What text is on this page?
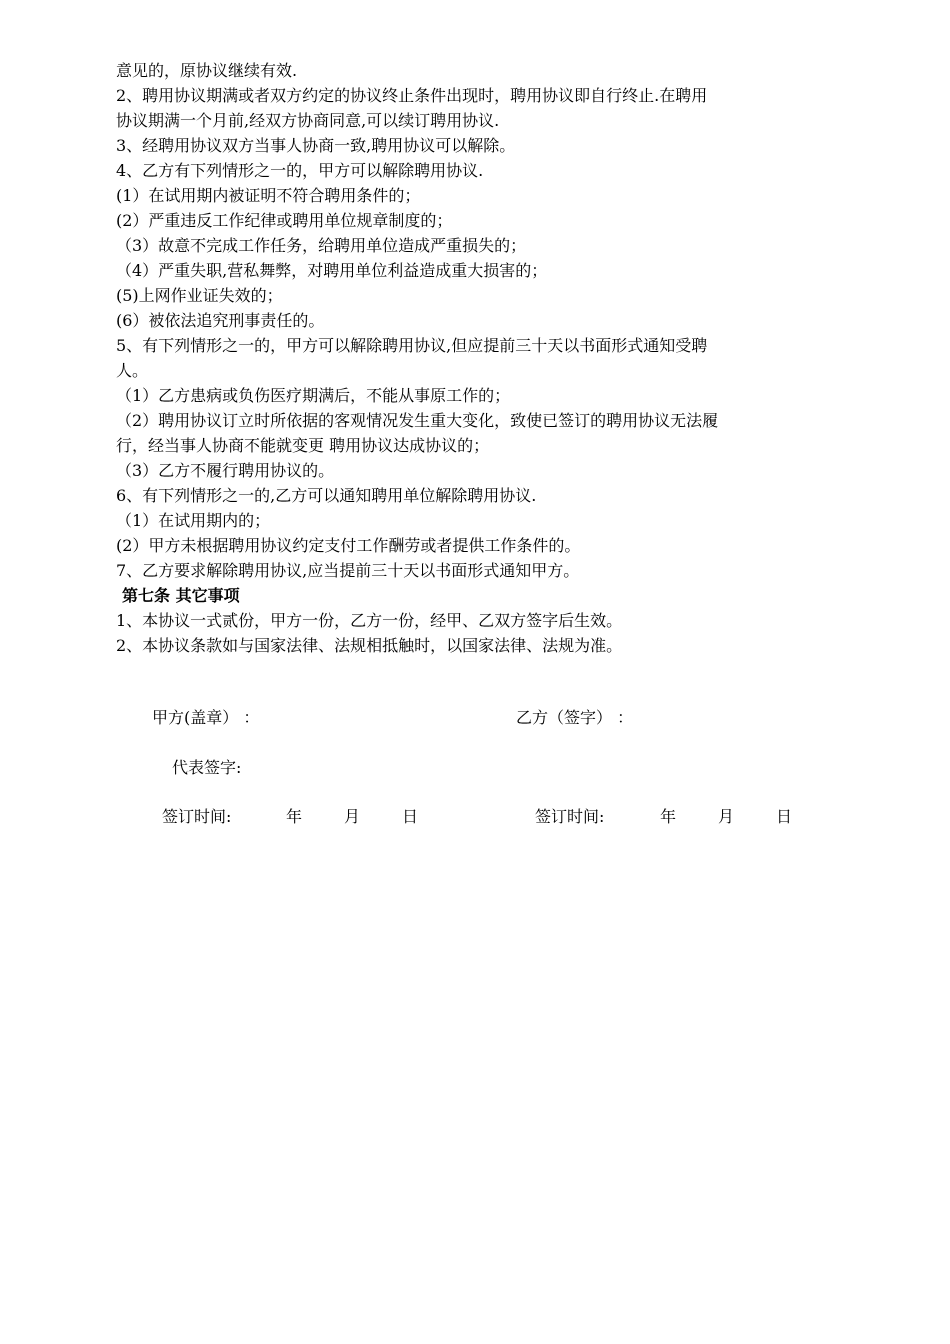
意见的，原协议继续有效.
2、聘用协议期满或者双方约定的协议终止条件出现时，聘用协议即自行终止.在聘用
协议期满一个月前,经双方协商同意,可以续订聘用协议.
3、经聘用协议双方当事人协商一致,聘用协议可以解除。
4、乙方有下列情形之一的，甲方可以解除聘用协议.
(1）在试用期内被证明不符合聘用条件的；
(2）严重违反工作纪律或聘用单位规章制度的；
（3）故意不完成工作任务，给聘用单位造成严重损失的；
（4）严重失职,营私舞弊，对聘用单位利益造成重大损害的；
(5)上网作业证失效的；
(6）被依法追究刑事责任的。
5、有下列情形之一的，甲方可以解除聘用协议,但应提前三十天以书面形式通知受聘
人。
（1）乙方患病或负伤医疗期满后，不能从事原工作的；
（2）聘用协议订立时所依据的客观情况发生重大变化，致使已签订的聘用协议无法履
行，经当事人协商不能就变更 聘用协议达成协议的；
（3）乙方不履行聘用协议的。
6、有下列情形之一的,乙方可以通知聘用单位解除聘用协议.
（1）在试用期内的；
(2）甲方未根据聘用协议约定支付工作酬劳或者提供工作条件的。
7、乙方要求解除聘用协议,应当提前三十天以书面形式通知甲方。
第七条 其它事项
1、本协议一式贰份，甲方一份，乙方一份，经甲、乙双方签字后生效。
2、本协议条款如与国家法律、法规相抵触时，以国家法律、法规为准。
甲方(盖章） ：	乙方（签字） ：
代表签字:
签订时间:	年	月	日	签订时间:	年	月	日
